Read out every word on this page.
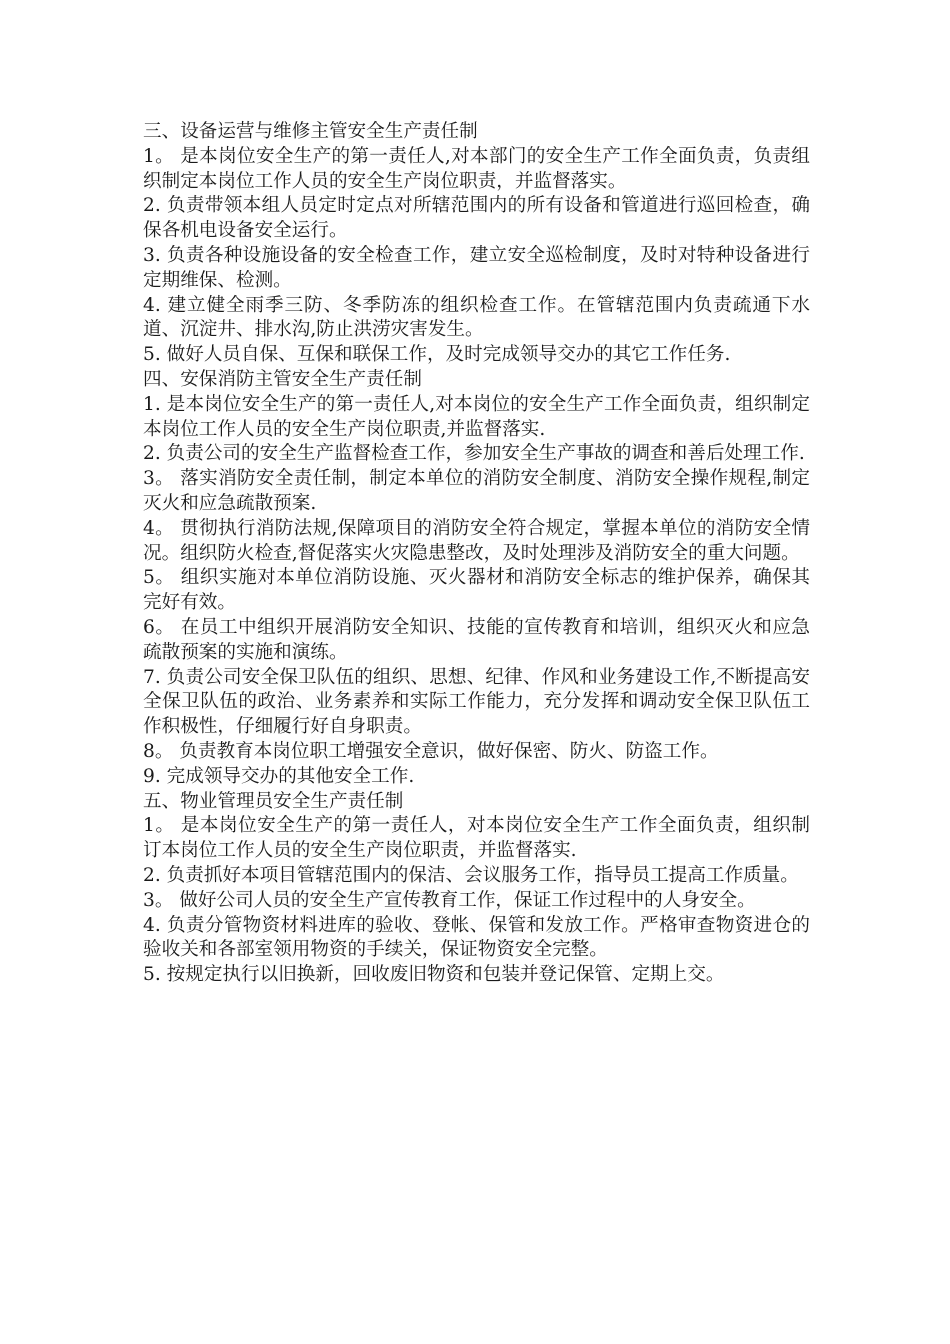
三、设备运营与维修主管安全生产责任制

1。 是本岗位安全生产的第一责任人,对本部门的安全生产工作全面负责，负责组织制定本岗位工作人员的安全生产岗位职责，并监督落实。

2. 负责带领本组人员定时定点对所辖范围内的所有设备和管道进行巡回检查，确保各机电设备安全运行。

3. 负责各种设施设备的安全检查工作，建立安全巡检制度，及时对特种设备进行定期维保、检测。

4. 建立健全雨季三防、冬季防冻的组织检查工作。在管辖范围内负责疏通下水道、沉淀井、排水沟,防止洪涝灾害发生。

5. 做好人员自保、互保和联保工作，及时完成领导交办的其它工作任务.

四、安保消防主管安全生产责任制

1. 是本岗位安全生产的第一责任人,对本岗位的安全生产工作全面负责，组织制定本岗位工作人员的安全生产岗位职责,并监督落实.

2. 负责公司的安全生产监督检查工作，参加安全生产事故的调查和善后处理工作.

3。 落实消防安全责任制，制定本单位的消防安全制度、消防安全操作规程,制定灭火和应急疏散预案.

4。 贯彻执行消防法规,保障项目的消防安全符合规定，掌握本单位的消防安全情况。组织防火检查,督促落实火灾隐患整改，及时处理涉及消防安全的重大问题。

5。 组织实施对本单位消防设施、灭火器材和消防安全标志的维护保养，确保其完好有效。

6。 在员工中组织开展消防安全知识、技能的宣传教育和培训，组织灭火和应急疏散预案的实施和演练。

7. 负责公司安全保卫队伍的组织、思想、纪律、作风和业务建设工作,不断提高安全保卫队伍的政治、业务素养和实际工作能力，充分发挥和调动安全保卫队伍工作积极性，仔细履行好自身职责。

8。 负责教育本岗位职工增强安全意识，做好保密、防火、防盗工作。

9. 完成领导交办的其他安全工作.

五、物业管理员安全生产责任制

1。 是本岗位安全生产的第一责任人，对本岗位安全生产工作全面负责，组织制订本岗位工作人员的安全生产岗位职责，并监督落实.

2. 负责抓好本项目管辖范围内的保洁、会议服务工作，指导员工提高工作质量。

3。 做好公司人员的安全生产宣传教育工作，保证工作过程中的人身安全。

4. 负责分管物资材料进库的验收、登帐、保管和发放工作。严格审查物资进仓的验收关和各部室领用物资的手续关，保证物资安全完整。

5. 按规定执行以旧换新，回收废旧物资和包装并登记保管、定期上交。
